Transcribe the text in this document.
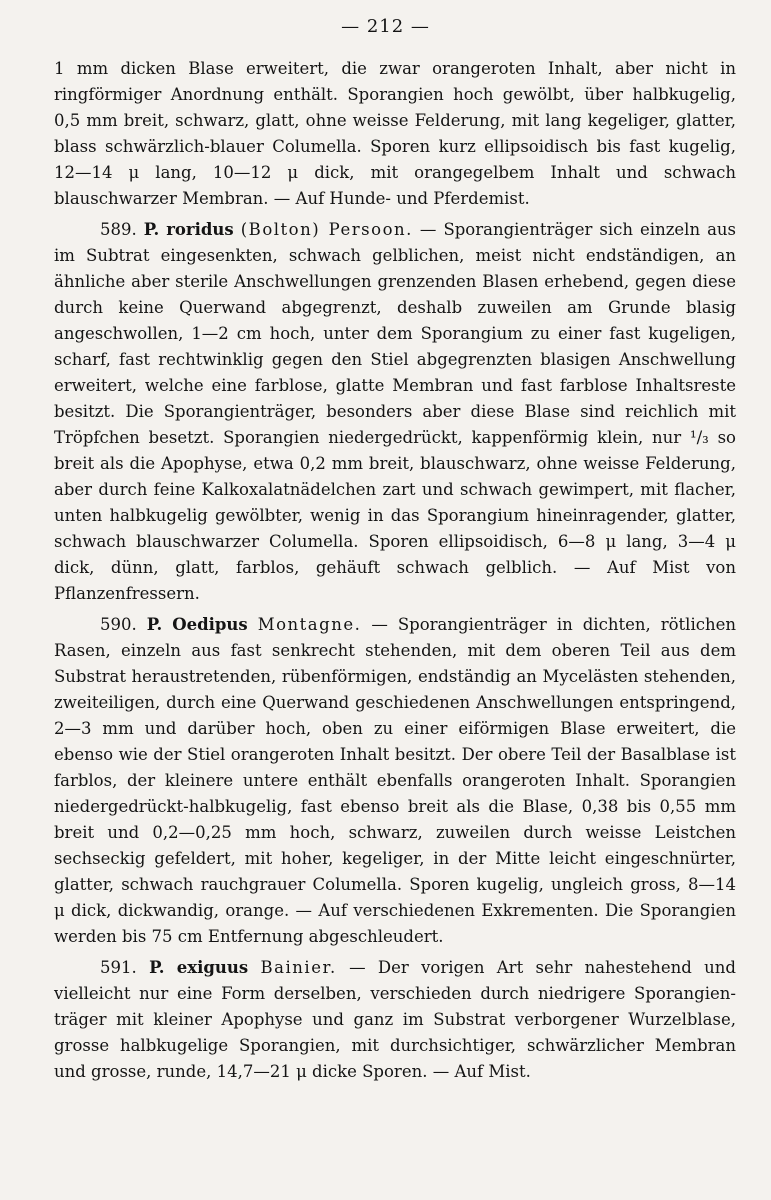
— 212 —

1 mm dicken Blase erweitert, die zwar orangeroten Inhalt, aber nicht in ringförmiger Anordnung enthält. Sporangien hoch gewölbt, über halbkugelig, 0,5 mm breit, schwarz, glatt, ohne weisse Felderung, mit lang kegeliger, glatter, blass schwärzlich-blauer Columella. Sporen kurz ellipsoidisch bis fast kugelig, 12—14 μ lang, 10—12 μ dick, mit orangegelbem Inhalt und schwach blauschwarzer Membran. — Auf Hunde- und Pferdemist.

589. P. roridus (Bolton) Persoon. — Sporangienträger sich einzeln aus im Subtrat eingesenkten, schwach gelblichen, meist nicht endständigen, an ähnliche aber sterile Anschwellungen grenzenden Blasen erhebend, gegen diese durch keine Querwand abgegrenzt, deshalb zuweilen am Grunde blasig angeschwollen, 1—2 cm hoch, unter dem Sporangium zu einer fast kugeligen, scharf, fast rechtwinklig gegen den Stiel abgegrenzten blasigen Anschwellung erweitert, welche eine farblose, glatte Membran und fast farblose Inhaltsreste besitzt. Die Sporangienträger, besonders aber diese Blase sind reichlich mit Tröpfchen besetzt. Sporangien niedergedrückt, kappenförmig klein, nur ¹/₃ so breit als die Apophyse, etwa 0,2 mm breit, blauschwarz, ohne weisse Felderung, aber durch feine Kalkoxalatnädelchen zart und schwach gewimpert, mit flacher, unten halbkugelig gewölbter, wenig in das Sporangium hineinragender, glatter, schwach blauschwarzer Columella. Sporen ellipsoidisch, 6—8 μ lang, 3—4 μ dick, dünn, glatt, farblos, gehäuft schwach gelblich. — Auf Mist von Pflanzenfressern.

590. P. Oedipus Montagne. — Sporangienträger in dichten, rötlichen Rasen, einzeln aus fast senkrecht stehenden, mit dem oberen Teil aus dem Substrat heraustretenden, rübenförmigen, endständig an Mycelästen stehenden, zweiteiligen, durch eine Querwand geschiedenen Anschwellungen entspringend, 2—3 mm und darüber hoch, oben zu einer eiförmigen Blase erweitert, die ebenso wie der Stiel orangeroten Inhalt besitzt. Der obere Teil der Basalblase ist farblos, der kleinere untere enthält ebenfalls orangeroten Inhalt. Sporangien niedergedrückt-halbkugelig, fast ebenso breit als die Blase, 0,38 bis 0,55 mm breit und 0,2—0,25 mm hoch, schwarz, zuweilen durch weisse Leistchen sechseckig gefeldert, mit hoher, kegeliger, in der Mitte leicht eingeschnürter, glatter, schwach rauchgrauer Columella. Sporen kugelig, ungleich gross, 8—14 μ dick, dickwandig, orange. — Auf verschiedenen Exkrementen. Die Sporangien werden bis 75 cm Entfernung abgeschleudert.

591. P. exiguus Bainier. — Der vorigen Art sehr nahestehend und vielleicht nur eine Form derselben, verschieden durch niedrigere Sporangienträger mit kleiner Apophyse und ganz im Substrat verborgener Wurzelblase, grosse halbkugelige Sporangien, mit durchsichtiger, schwärzlicher Membran und grosse, runde, 14,7—21 μ dicke Sporen. — Auf Mist.
